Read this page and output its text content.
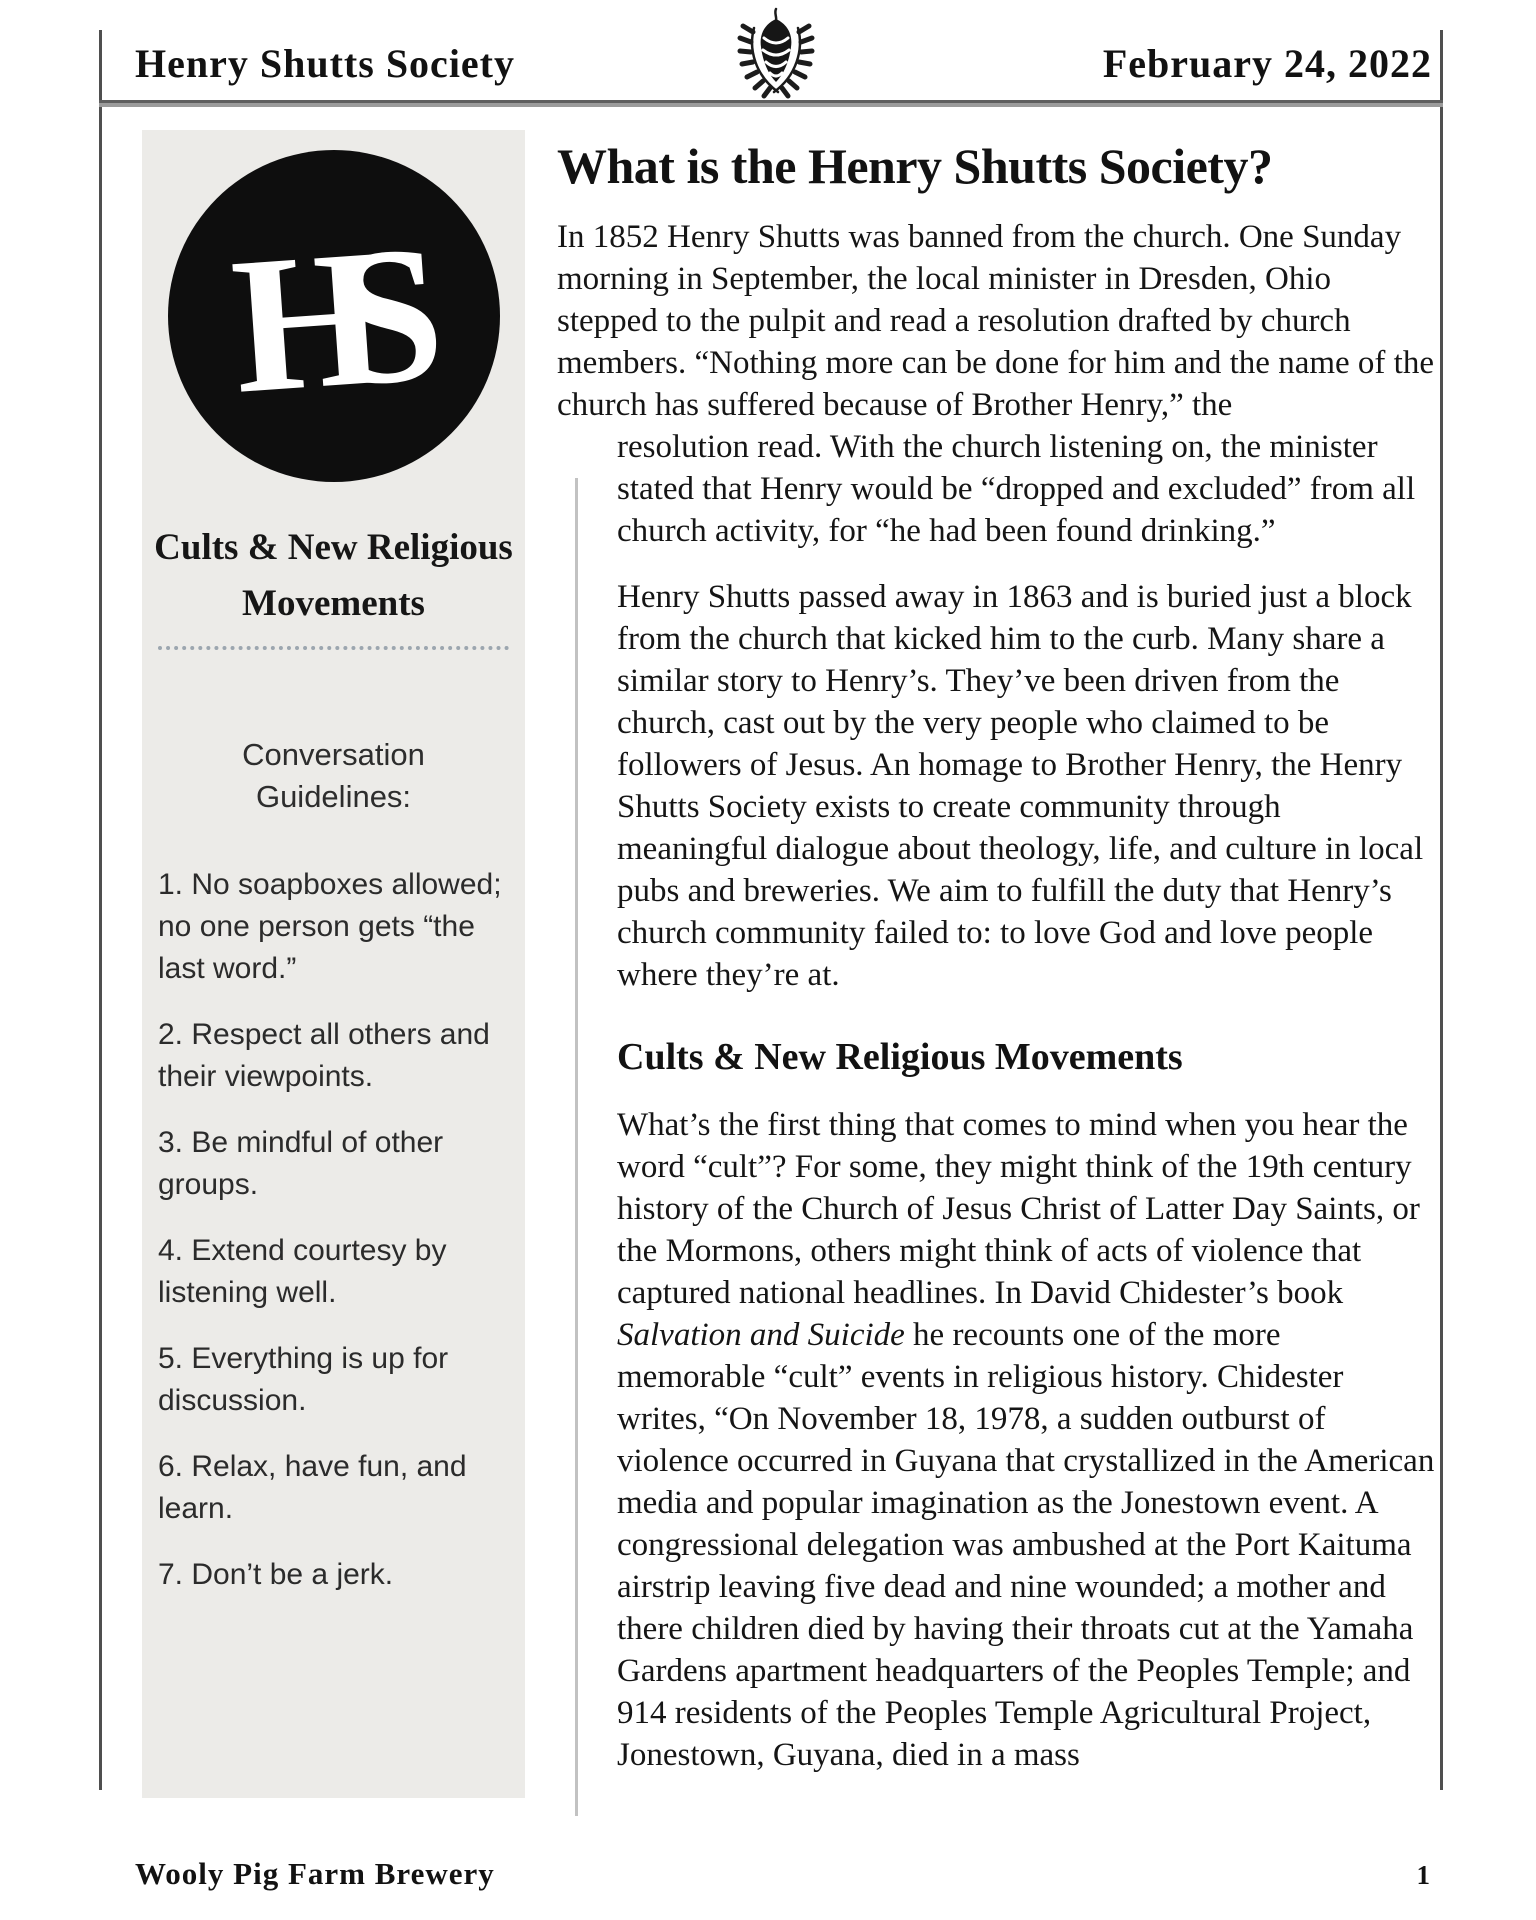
Henry Shutts Society	February 24, 2022
HS
Cults & New Religious Movements
Conversation Guidelines:
1. No soapboxes allowed; no one person gets “the last word.”
2. Respect all others and their viewpoints.
3. Be mindful of other groups.
4. Extend courtesy by listening well.
5. Everything is up for discussion.
6. Relax, have fun, and learn.
7. Don’t be a jerk.
What is the Henry Shutts Society?

In 1852 Henry Shutts was banned from the church. One Sunday morning in September, the local minister in Dresden, Ohio stepped to the pulpit and read a resolution drafted by church members. “Nothing more can be done for him and the name of the church has suffered because of Brother Henry,” the

resolution read. With the church listening on, the minister stated that Henry would be “dropped and excluded” from all church activity, for “he had been found drinking.”

Henry Shutts passed away in 1863 and is buried just a block from the church that kicked him to the curb. Many share a similar story to Henry’s. They’ve been driven from the church, cast out by the very people who claimed to be followers of Jesus. An homage to Brother Henry, the Henry Shutts Society exists to create community through meaningful dialogue about theology, life, and culture in local pubs and breweries. We aim to fulfill the duty that Henry’s church community failed to: to love God and love people where they’re at.

Cults & New Religious Movements

What’s the first thing that comes to mind when you hear the word “cult”? For some, they might think of the 19th century history of the Church of Jesus Christ of Latter Day Saints, or the Mormons, others might think of acts of violence that captured national headlines. In David Chidester’s book Salvation and Suicide he recounts one of the more memorable “cult” events in religious history. Chidester writes, “On November 18, 1978, a sudden outburst of violence occurred in Guyana that crystallized in the American media and popular imagination as the Jonestown event. A congressional delegation was ambushed at the Port Kaituma airstrip leaving five dead and nine wounded; a mother and there children died by having their throats cut at the Yamaha Gardens apartment headquarters of the Peoples Temple; and 914 residents of the Peoples Temple Agricultural Project, Jonestown, Guyana, died in a mass

Wooly Pig Farm Brewery	1
